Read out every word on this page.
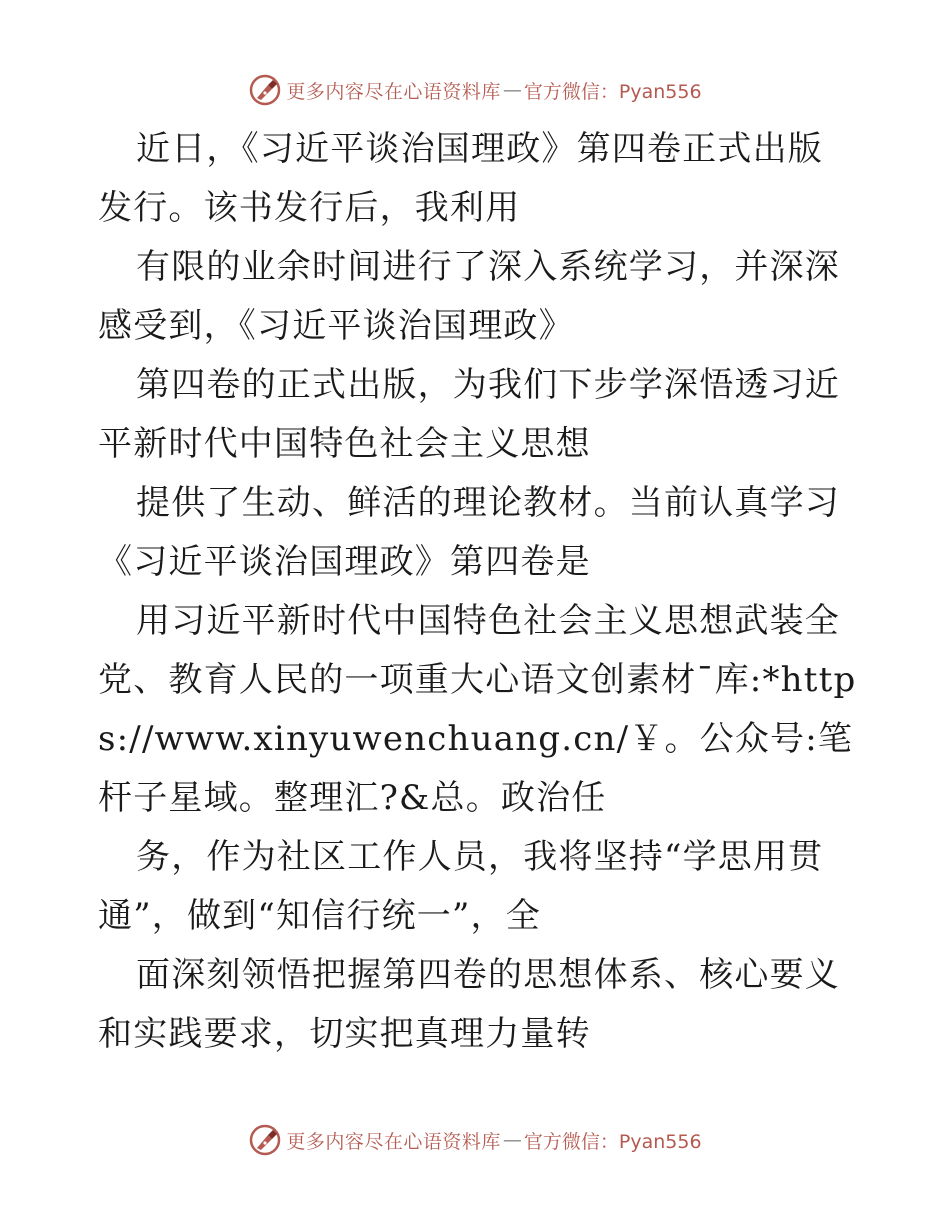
更多内容尽在心语资料库 — 官方微信：Pyan556

近日，《习近平谈治国理政》第四卷正式出版发行。该书发行后，我利用

有限的业余时间进行了深入系统学习，并深深感受到，《习近平谈治国理政》

第四卷的正式出版，为我们下步学深悟透习近平新时代中国特色社会主义思想

提供了生动、鲜活的理论教材。当前认真学习《习近平谈治国理政》第四卷是

用习近平新时代中国特色社会主义思想武装全党、教育人民的一项重大心语文创素材¯库:*https://www.xinyuwenchuang.cn/￥。公众号:笔杆子星域。整理汇?&总。政治任

务，作为社区工作人员，我将坚持“学思用贯通”，做到“知信行统一”，全

面深刻领悟把握第四卷的思想体系、核心要义和实践要求，切实把真理力量转

更多内容尽在心语资料库 — 官方微信：Pyan556
